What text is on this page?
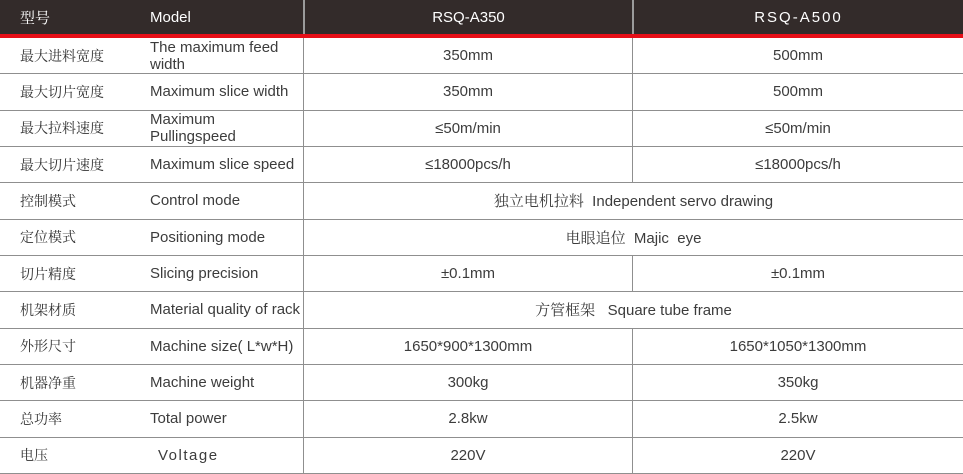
型号	Model	RSQ-A350	RSQ-A500
最大进料宽度	The maximum feed width	350mm	500mm
最大切片宽度	Maximum slice width	350mm	500mm
最大拉料速度	Maximum Pullingspeed	≤50m/min	≤50m/min
最大切片速度	Maximum slice speed	≤18000pcs/h	≤18000pcs/h
控制模式	Control mode	独立电机拉料  Independent servo drawing
定位模式	Positioning mode	电眼追位  Majic  eye
切片精度	Slicing precision	±0.1mm	±0.1mm
机架材质	Material quality of rack	方管框架   Square tube frame
外形尺寸	Machine size( L*w*H)	1650*900*1300mm	1650*1050*1300mm
机器净重	Machine weight	300kg	350kg
总功率	Total power	2.8kw	2.5kw
电压	Voltage	220V	220V
